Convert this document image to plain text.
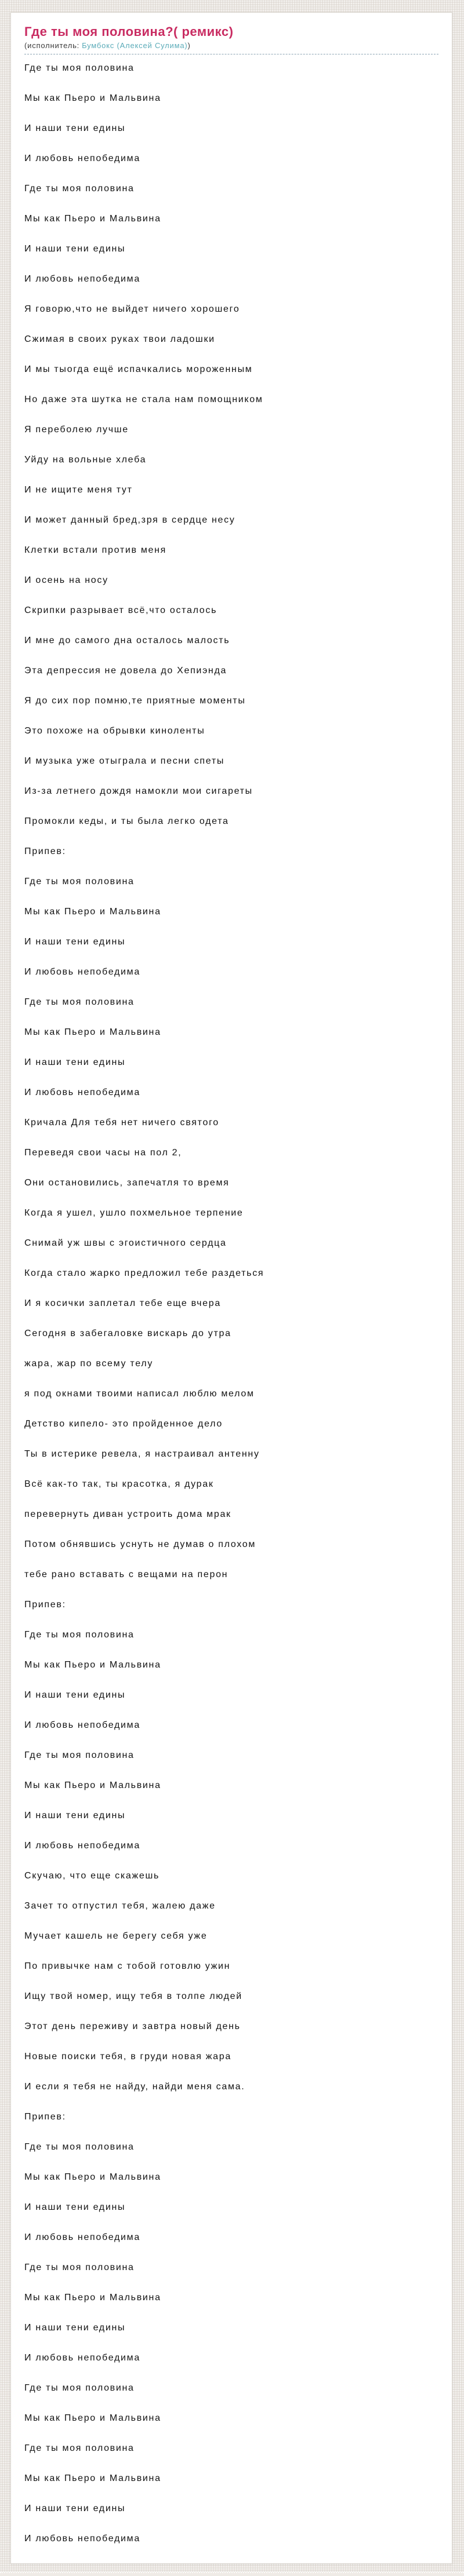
Где ты моя половина?( ремикс)
(исполнитель: Бумбокс (Алексей Сулима))

Где ты моя половина

Мы как Пьеро и Мальвина

И наши тени едины

И любовь непобедима

Где ты моя половина

Мы как Пьеро и Мальвина

И наши тени едины

И любовь непобедима

Я говорю,что не выйдет ничего хорошего

Сжимая в своих руках твои ладошки

И мы тыогда ещё испачкались мороженным

Но даже эта шутка не стала нам помощником

Я переболею лучше

Уйду на вольные хлеба

И не ищите меня тут

И может данный бред,зря в сердце несу

Клетки встали против меня

И осень на носу

Скрипки разрывает всё,что осталось

И мне до самого дна осталось малость

Эта депрессия не довела до Хепиэнда

Я до сих пор помню,те приятные моменты

Это похоже на обрывки киноленты

И музыка уже отыграла и песни спеты

Из-за летнего дождя намокли мои сигареты

Промокли кеды, и ты была легко одета

Припев:

Где ты моя половина

Мы как Пьеро и Мальвина

И наши тени едины

И любовь непобедима

Где ты моя половина

Мы как Пьеро и Мальвина

И наши тени едины

И любовь непобедима

Кричала Для тебя нет ничего святого

Переведя свои часы на пол 2,

Они остановились, запечатля то время

Когда я ушел, ушло похмельное терпение

Снимай уж швы с эгоистичного сердца

Когда стало жарко предложил тебе раздеться

И я косички заплетал тебе еще вчера

Сегодня в забегаловке вискарь до утра

жара, жар по всему телу

я под окнами твоими написал люблю мелом

Детство кипело- это пройденное дело

Ты в истерике ревела, я настраивал антенну

Всё как-то так, ты красотка, я дурак

перевернуть диван устроить дома мрак

Потом обнявшись уснуть не думав о плохом

тебе рано вставать с вещами на перон

Припев:

Где ты моя половина

Мы как Пьеро и Мальвина

И наши тени едины

И любовь непобедима

Где ты моя половина

Мы как Пьеро и Мальвина

И наши тени едины

И любовь непобедима

Скучаю, что еще скажешь

Зачет то отпустил тебя, жалею даже

Мучает кашель не берегу себя уже

По привычке нам с тобой готовлю ужин

Ищу твой номер, ищу тебя в толпе людей

Этот день переживу и завтра новый день

Новые поиски тебя, в груди новая жара

И если я тебя не найду, найди меня сама.

Припев:

Где ты моя половина

Мы как Пьеро и Мальвина

И наши тени едины

И любовь непобедима

Где ты моя половина

Мы как Пьеро и Мальвина

И наши тени едины

И любовь непобедима

Где ты моя половина

Мы как Пьеро и Мальвина

Где ты моя половина

Мы как Пьеро и Мальвина

И наши тени едины

И любовь непобедима
